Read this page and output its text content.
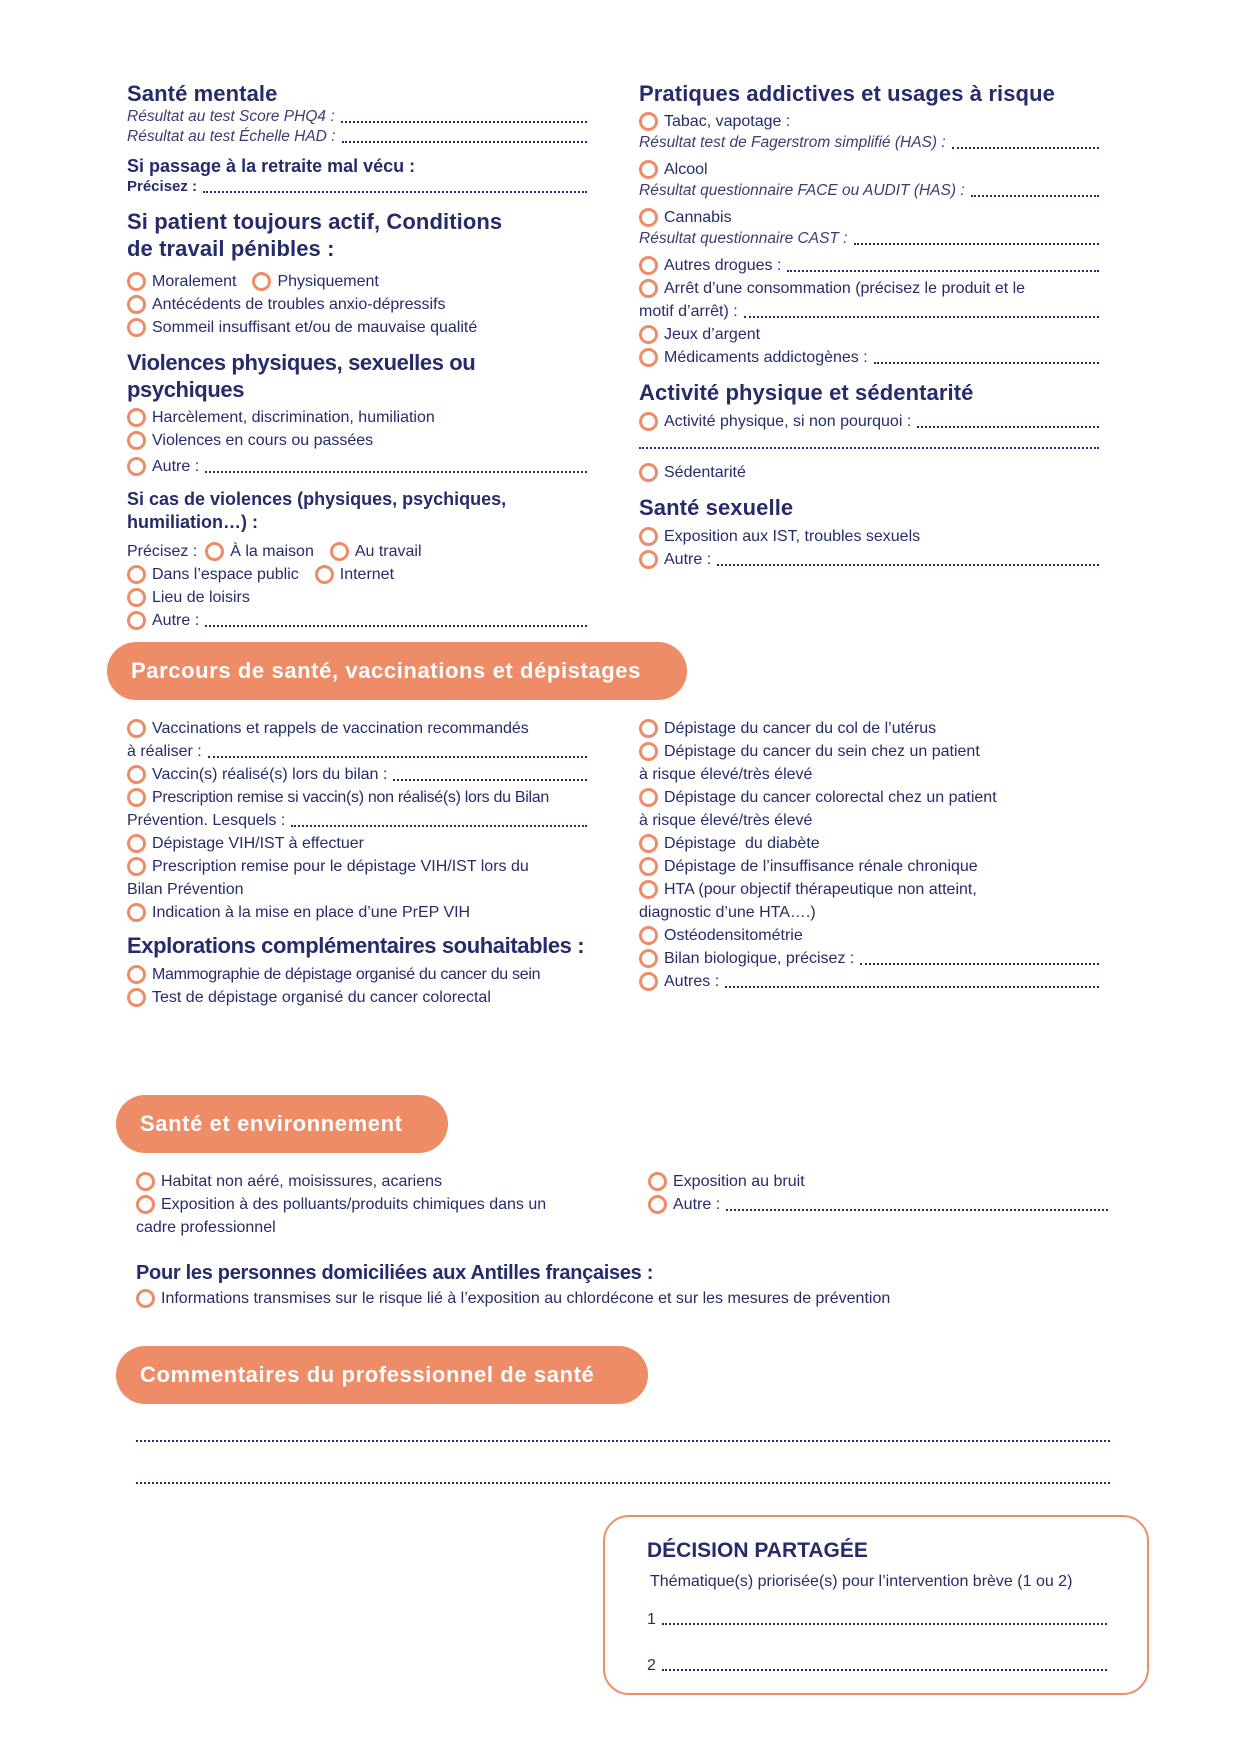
Santé mentale
Résultat au test Score PHQ4 :
Résultat au test Échelle HAD :
Si passage à la retraite mal vécu :
Précisez :
Si patient toujours actif, Conditions
de travail pénibles :
Moralement	Physiquement
Antécédents de troubles anxio-dépressifs
Sommeil insuffisant et/ou de mauvaise qualité
Violences physiques, sexuelles ou psychiques
Harcèlement, discrimination, humiliation
Violences en cours ou passées
Autre :
Si cas de violences (physiques, psychiques,
humiliation…) :
Précisez : À la maison	Au travail
Dans l’espace public	Internet
Lieu de loisirs
Autre :
Pratiques addictives et usages à risque
Tabac, vapotage :
Résultat test de Fagerstrom simplifié (HAS) :
Alcool
Résultat questionnaire FACE ou AUDIT (HAS) :
Cannabis
Résultat questionnaire CAST :
Autres drogues :
Arrêt d’une consommation (précisez le produit et le
motif d’arrêt) :
Jeux d’argent
Médicaments addictogènes :
Activité physique et sédentarité
Activité physique, si non pourquoi :
Sédentarité
Santé sexuelle
Exposition aux IST, troubles sexuels
Autre :
Parcours de santé, vaccinations et dépistages
Vaccinations et rappels de vaccination recommandés
à réaliser :
Vaccin(s) réalisé(s) lors du bilan :
Prescription remise si vaccin(s) non réalisé(s) lors du Bilan
Prévention. Lesquels :
Dépistage VIH/IST à effectuer
Prescription remise pour le dépistage VIH/IST lors du
Bilan Prévention
Indication à la mise en place d’une PrEP VIH
Explorations complémentaires souhaitables :
Mammographie de dépistage organisé du cancer du sein
Test de dépistage organisé du cancer colorectal
Dépistage du cancer du col de l’utérus
Dépistage du cancer du sein chez un patient
à risque élevé/très élevé
Dépistage du cancer colorectal chez un patient
à risque élevé/très élevé
Dépistage  du diabète
Dépistage de l’insuffisance rénale chronique
HTA (pour objectif thérapeutique non atteint,
diagnostic d’une HTA….)
Ostéodensitométrie
Bilan biologique, précisez :
Autres :
Santé et environnement
Habitat non aéré, moisissures, acariens
Exposition à des polluants/produits chimiques dans un
cadre professionnel
Exposition au bruit
Autre :
Pour les personnes domiciliées aux Antilles françaises :
Informations transmises sur le risque lié à l’exposition au chlordécone et sur les mesures de prévention
Commentaires du professionnel de santé
DÉCISION PARTAGÉE
Thématique(s) priorisée(s) pour l’intervention brève (1 ou 2)
1
2
